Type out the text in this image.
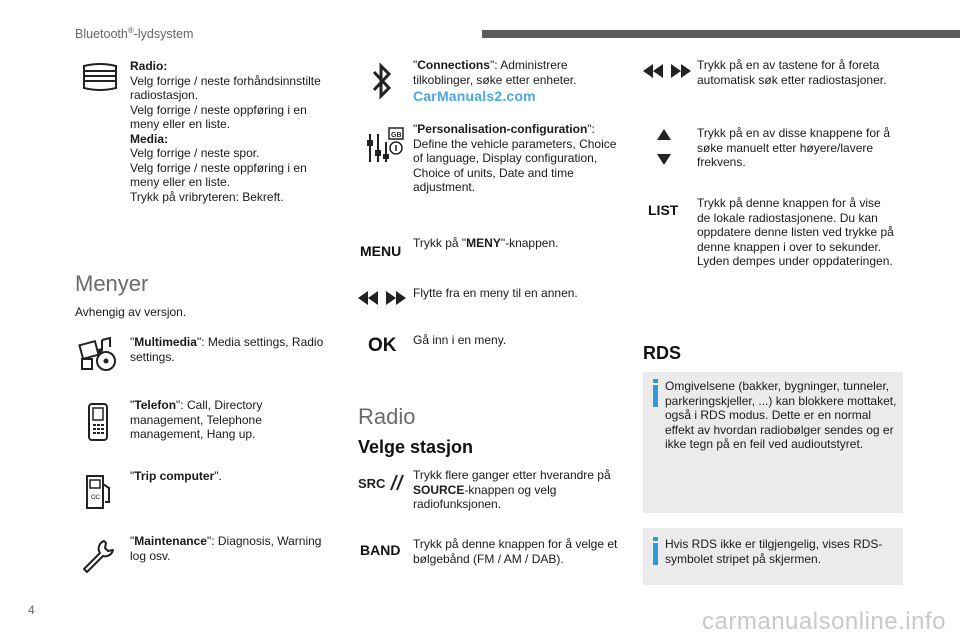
Bluetooth®-lydsystem
Radio:
Velg forrige / neste forhåndsinnstilte
radiostasjon.
Velg forrige / neste oppføring i en
meny eller en liste.
Media:
Velg forrige / neste spor.
Velg forrige / neste oppføring i en
meny eller en liste.
Trykk på vribryteren: Bekreft.
Menyer
Avhengig av versjon.
"Multimedia": Media settings, Radio settings.
"Telefon": Call, Directory management, Telephone management, Hang up.
OC
"Trip computer".
"Maintenance": Diagnosis, Warning log osv.
"Connections": Administrere tilkoblinger, søke etter enheter.
CarManuals2.com
GB "Personalisation-configuration": Define the vehicle parameters, Choice of language, Display configuration, Choice of units, Date and time adjustment.
MENU Trykk på "MENY"-knappen.
Flytte fra en meny til en annen.
OK Gå inn i en meny.
Radio
Velge stasjon
SRC
Trykk flere ganger etter hverandre på SOURCE-knappen og velg radiofunksjonen.
BAND Trykk på denne knappen for å velge et bølgebånd (FM / AM / DAB).
Trykk på en av tastene for å foreta automatisk søk etter radiostasjoner.
Trykk på en av disse knappene for å søke manuelt etter høyere/lavere frekvens.
LIST Trykk på denne knappen for å vise de lokale radiostasjonene. Du kan oppdatere denne listen ved trykke på denne knappen i over to sekunder. Lyden dempes under oppdateringen.
RDS
Omgivelsene (bakker, bygninger, tunneler, parkeringskjeller, ...) kan blokkere mottaket, også i RDS modus. Dette er en normal effekt av hvordan radiobølger sendes og er ikke tegn på en feil ved audioutstyret.
Hvis RDS ikke er tilgjengelig, vises RDS-symbolet stripet på skjermen.
4	carmanualsonline.info
